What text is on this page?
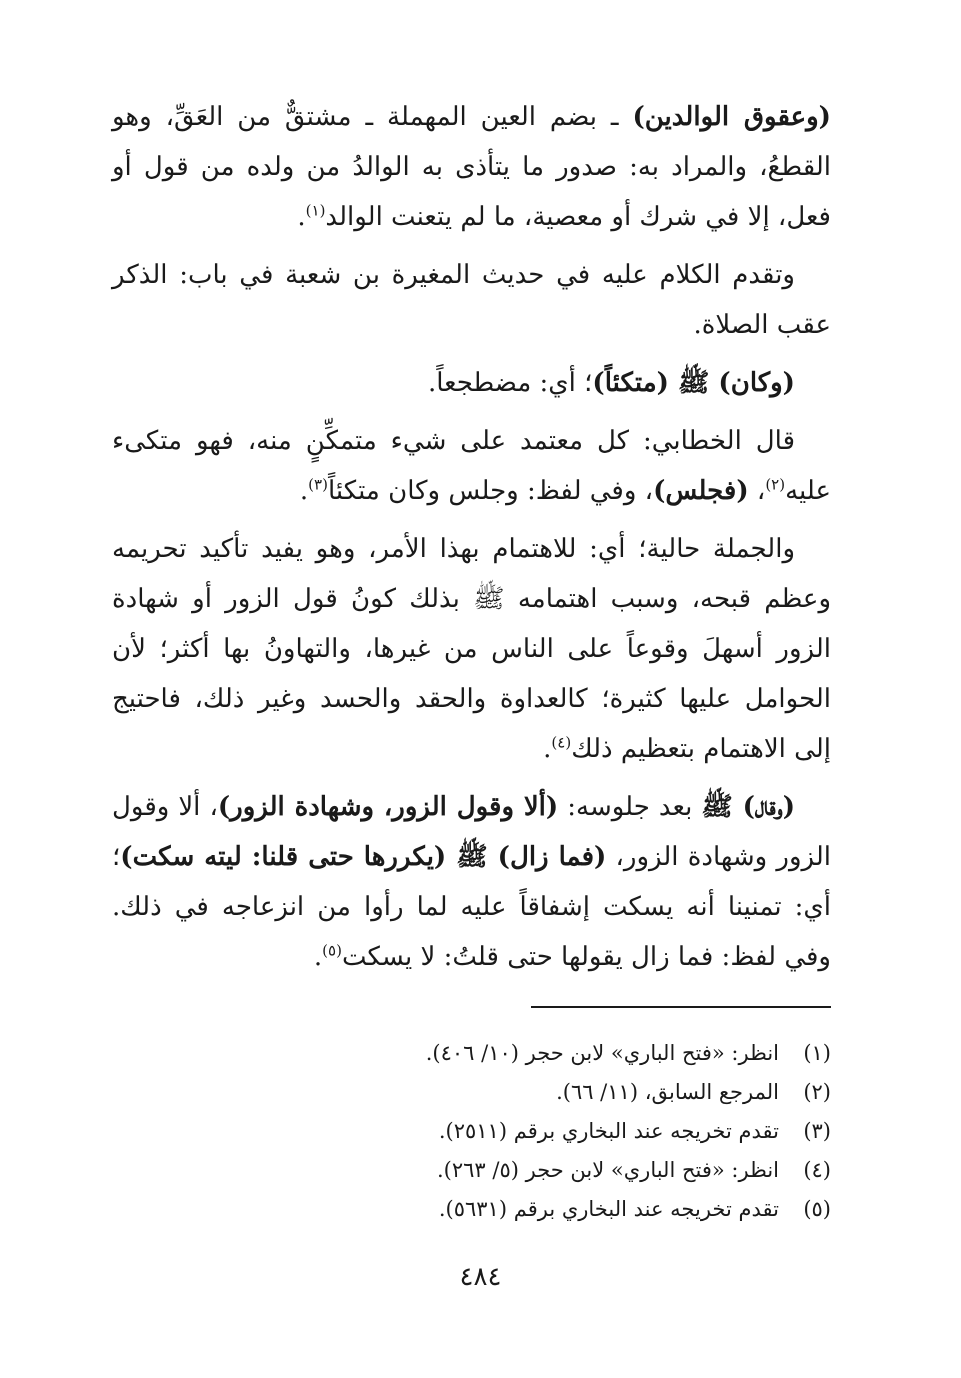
(وعقوق الوالدين) ـ بضم العين المهملة ـ مشتقٌّ من العَقِّ، وهو القطعُ، والمراد به: صدور ما يتأذى به الوالدُ من ولده من قول أو فعل، إلا في شرك أو معصية، ما لم يتعنت الوالد$^{(١)}$.

وتقدم الكلام عليه في حديث المغيرة بن شعبة في باب: الذكر عقب الصلاة.

(وكان) ﷺ (متكئاً)؛ أي: مضطجعاً.

قال الخطابي: كل معتمد على شيء متمكِّنٍ منه، فهو متكىء عليه$^{(٢)}$، (فجلس)، وفي لفظ: وجلس وكان متكئاً$^{(٣)}$.

والجملة حالية؛ أي: للاهتمام بهذا الأمر، وهو يفيد تأكيد تحريمه وعظم قبحه، وسبب اهتمامه ﷺ بذلك كونُ قول الزور أو شهادة الزور أسهلَ وقوعاً على الناس من غيرها، والتهاونُ بها أكثر؛ لأن الحوامل عليها كثيرة؛ كالعداوة والحقد والحسد وغير ذلك، فاحتيج إلى الاهتمام بتعظيم ذلك$^{(٤)}$.

(وقال) ﷺ بعد جلوسه: (ألا وقول الزور، وشهادة الزور)، ألا وقول الزور وشهادة الزور، (فما زال) ﷺ (يكررها حتى قلنا: ليته سكت)؛ أي: تمنينا أنه يسكت إشفاقاً عليه لما رأوا من انزعاجه في ذلك. وفي لفظ: فما زال يقولها حتى قلتُ: لا يسكت$^{(٥)}$.

(١)
انظر: «فتح الباري» لابن حجر (١٠/ ٤٠٦).
(٢)
المرجع السابق، (١١/ ٦٦).
(٣)
تقدم تخريجه عند البخاري برقم (٢٥١١).
(٤)
انظر: «فتح الباري» لابن حجر (٥/ ٢٦٣).
(٥)
تقدم تخريجه عند البخاري برقم (٥٦٣١).
٤٨٤
